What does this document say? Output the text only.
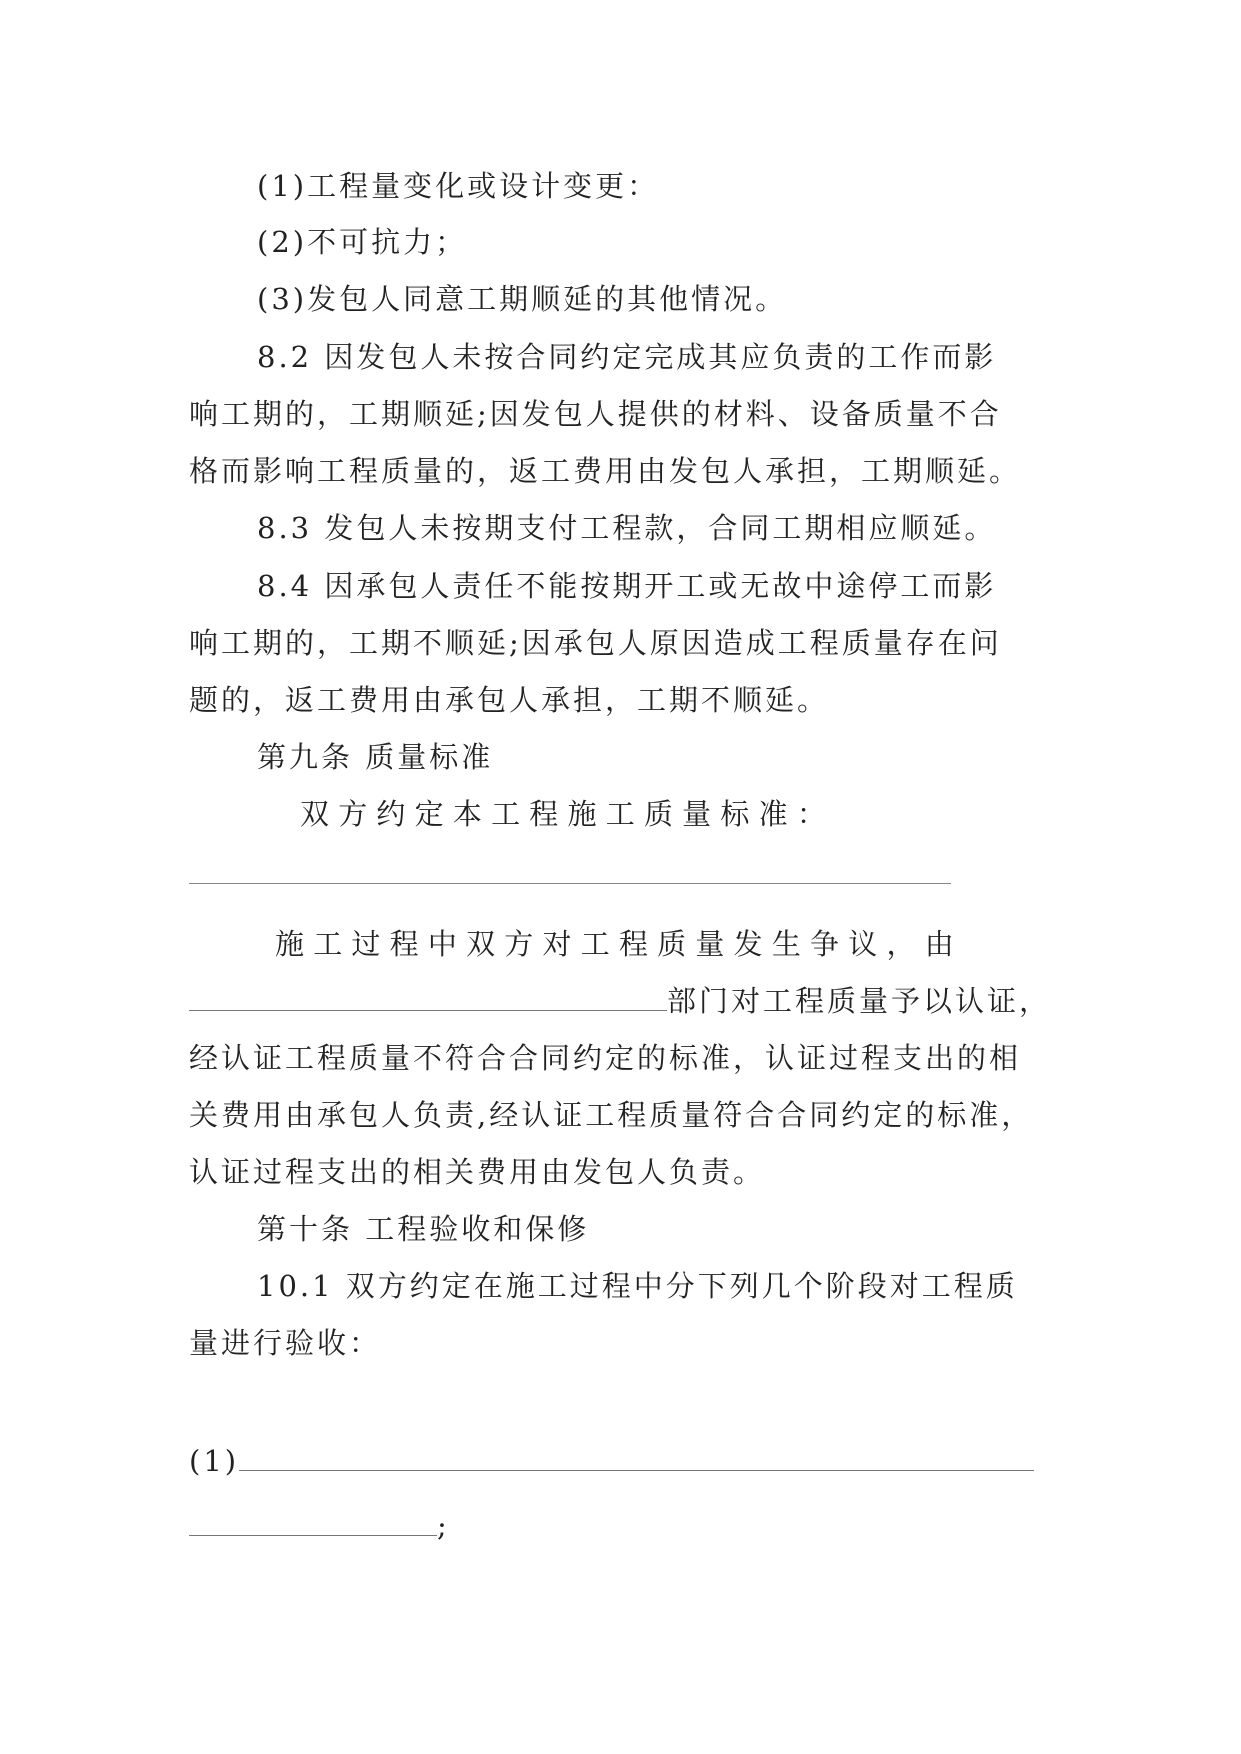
(1)工程量变化或设计变更：
(2)不可抗力；
(3)发包人同意工期顺延的其他情况。
8.2 因发包人未按合同约定完成其应负责的工作而影
响工期的，工期顺延;因发包人提供的材料、设备质量不合
格而影响工程质量的，返工费用由发包人承担，工期顺延。
8.3 发包人未按期支付工程款，合同工期相应顺延。
8.4 因承包人责任不能按期开工或无故中途停工而影
响工期的，工期不顺延;因承包人原因造成工程质量存在问
题的，返工费用由承包人承担，工期不顺延。
第九条 质量标准
双 方 约 定 本 工 程 施 工 质 量 标 准 ：
施 工 过 程 中 双 方 对 工 程 质 量 发 生 争 议 ， 由
部门对工程质量予以认证，
经认证工程质量不符合合同约定的标准，认证过程支出的相
关费用由承包人负责,经认证工程质量符合合同约定的标准，
认证过程支出的相关费用由发包人负责。
第十条 工程验收和保修
10.1 双方约定在施工过程中分下列几个阶段对工程质
量进行验收：
(1)
;
